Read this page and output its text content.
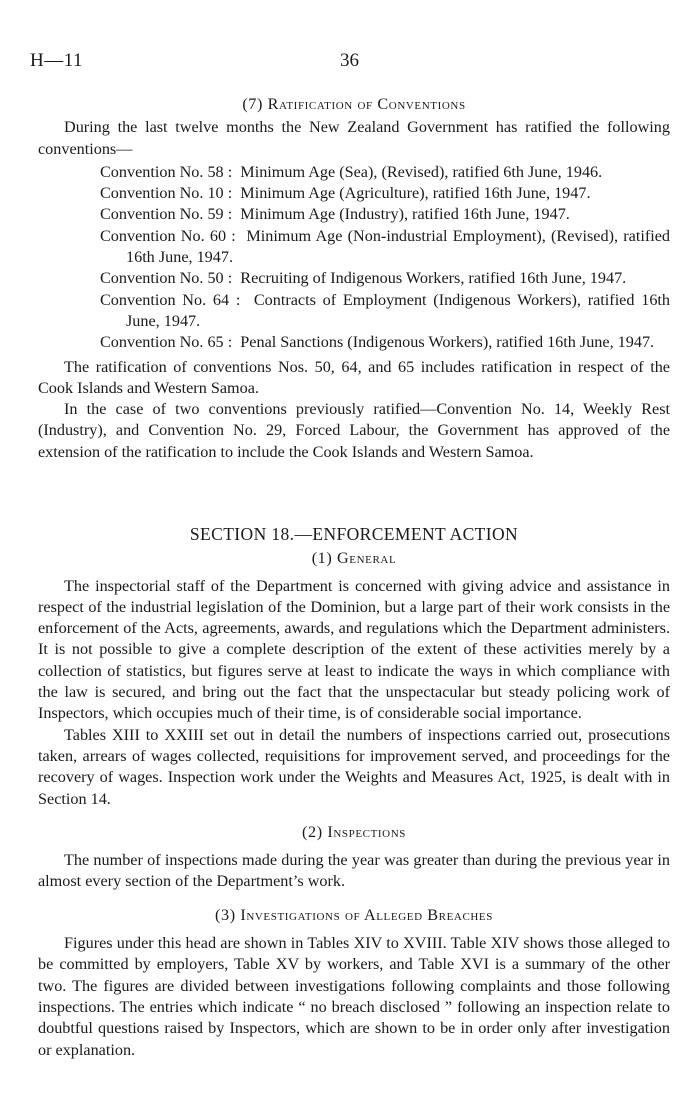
H—11	36

(7) Ratification of Conventions

During the last twelve months the New Zealand Government has ratified the following conventions—

Convention No. 58 : Minimum Age (Sea), (Revised), ratified 6th June, 1946.

Convention No. 10 : Minimum Age (Agriculture), ratified 16th June, 1947.

Convention No. 59 : Minimum Age (Industry), ratified 16th June, 1947.

Convention No. 60 : Minimum Age (Non-industrial Employment), (Revised), ratified 16th June, 1947.

Convention No. 50 : Recruiting of Indigenous Workers, ratified 16th June, 1947.

Convention No. 64 : Contracts of Employment (Indigenous Workers), ratified 16th June, 1947.

Convention No. 65 : Penal Sanctions (Indigenous Workers), ratified 16th June, 1947.

The ratification of conventions Nos. 50, 64, and 65 includes ratification in respect of the Cook Islands and Western Samoa.

In the case of two conventions previously ratified—Convention No. 14, Weekly Rest (Industry), and Convention No. 29, Forced Labour, the Government has approved of the extension of the ratification to include the Cook Islands and Western Samoa.

SECTION 18.—ENFORCEMENT ACTION

(1) General

The inspectorial staff of the Department is concerned with giving advice and assistance in respect of the industrial legislation of the Dominion, but a large part of their work consists in the enforcement of the Acts, agreements, awards, and regulations which the Department administers. It is not possible to give a complete description of the extent of these activities merely by a collection of statistics, but figures serve at least to indicate the ways in which compliance with the law is secured, and bring out the fact that the unspectacular but steady policing work of Inspectors, which occupies much of their time, is of considerable social importance.

Tables XIII to XXIII set out in detail the numbers of inspections carried out, prosecutions taken, arrears of wages collected, requisitions for improvement served, and proceedings for the recovery of wages. Inspection work under the Weights and Measures Act, 1925, is dealt with in Section 14.

(2) Inspections

The number of inspections made during the year was greater than during the previous year in almost every section of the Department’s work.

(3) Investigations of Alleged Breaches

Figures under this head are shown in Tables XIV to XVIII. Table XIV shows those alleged to be committed by employers, Table XV by workers, and Table XVI is a summary of the other two. The figures are divided between investigations following complaints and those following inspections. The entries which indicate “ no breach disclosed ” following an inspection relate to doubtful questions raised by Inspectors, which are shown to be in order only after investigation or explanation.
